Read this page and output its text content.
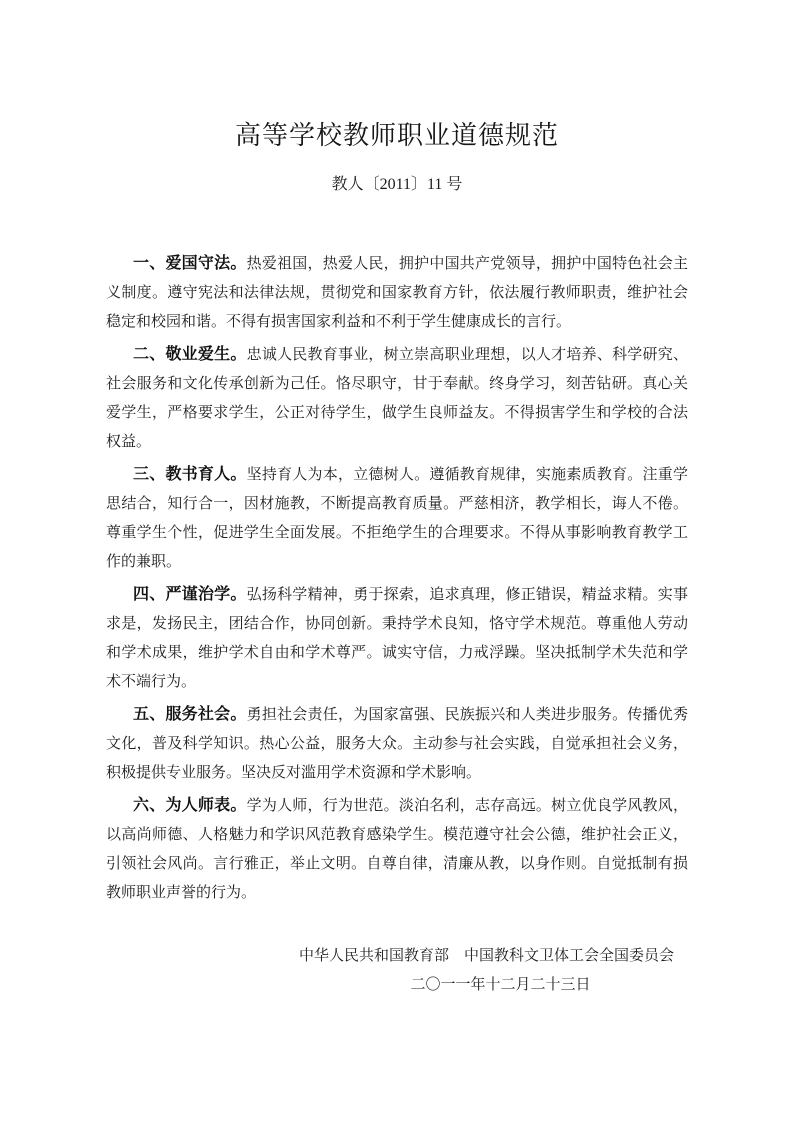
高等学校教师职业道德规范

教人〔2011〕11 号

一、爱国守法。热爱祖国，热爱人民，拥护中国共产党领导，拥护中国特色社会主义制度。遵守宪法和法律法规，贯彻党和国家教育方针，依法履行教师职责，维护社会稳定和校园和谐。不得有损害国家利益和不利于学生健康成长的言行。

二、敬业爱生。忠诚人民教育事业，树立崇高职业理想，以人才培养、科学研究、社会服务和文化传承创新为己任。恪尽职守，甘于奉献。终身学习，刻苦钻研。真心关爱学生，严格要求学生，公正对待学生，做学生良师益友。不得损害学生和学校的合法权益。

三、教书育人。坚持育人为本，立德树人。遵循教育规律，实施素质教育。注重学思结合，知行合一，因材施教，不断提高教育质量。严慈相济，教学相长，诲人不倦。尊重学生个性，促进学生全面发展。不拒绝学生的合理要求。不得从事影响教育教学工作的兼职。

四、严谨治学。弘扬科学精神，勇于探索，追求真理，修正错误，精益求精。实事求是，发扬民主，团结合作，协同创新。秉持学术良知，恪守学术规范。尊重他人劳动和学术成果，维护学术自由和学术尊严。诚实守信，力戒浮躁。坚决抵制学术失范和学术不端行为。

五、服务社会。勇担社会责任，为国家富强、民族振兴和人类进步服务。传播优秀文化，普及科学知识。热心公益，服务大众。主动参与社会实践，自觉承担社会义务，积极提供专业服务。坚决反对滥用学术资源和学术影响。

六、为人师表。学为人师，行为世范。淡泊名利，志存高远。树立优良学风教风，以高尚师德、人格魅力和学识风范教育感染学生。模范遵守社会公德，维护社会正义，引领社会风尚。言行雅正，举止文明。自尊自律，清廉从教，以身作则。自觉抵制有损教师职业声誉的行为。

中华人民共和国教育部　中国教科文卫体工会全国委员会
二〇一一年十二月二十三日
